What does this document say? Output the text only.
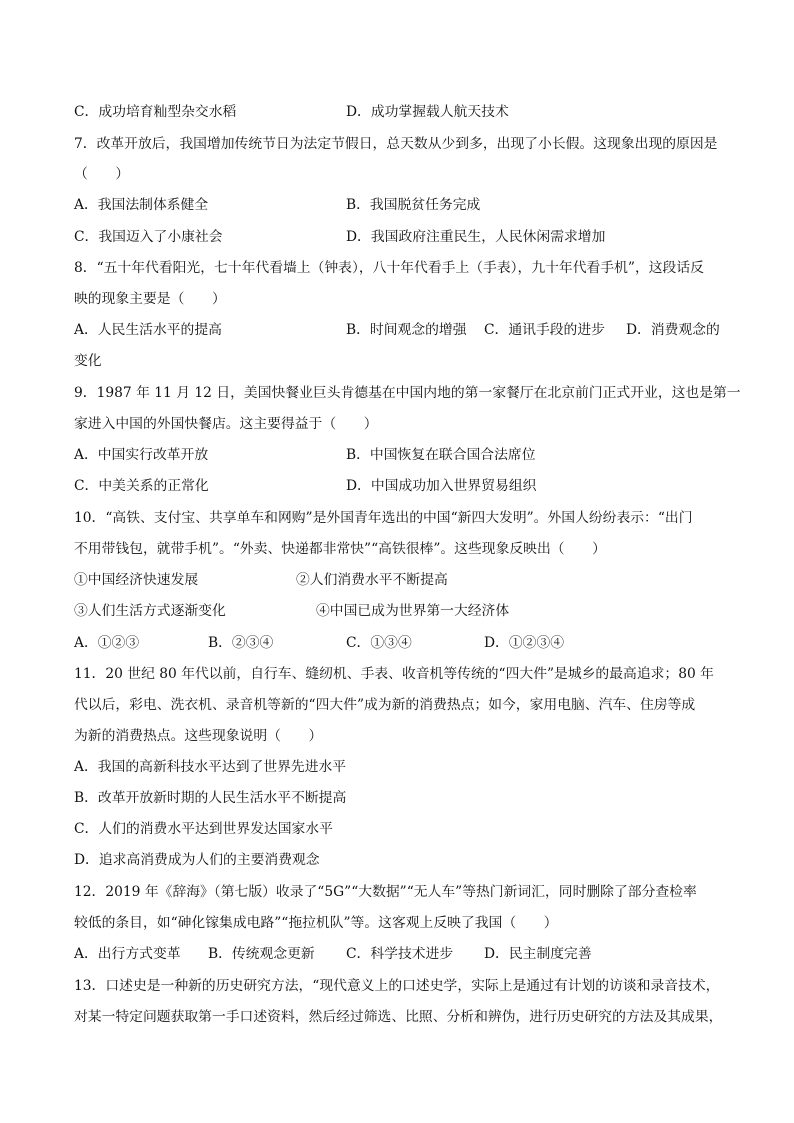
C．成功培育籼型杂交水稻	D．成功掌握载人航天技术
7．改革开放后，我国增加传统节日为法定节假日，总天数从少到多，出现了小长假。这现象出现的原因是
（　　）
A．我国法制体系健全	B．我国脱贫任务完成
C．我国迈入了小康社会	D．我国政府注重民生，人民休闲需求增加
8．“五十年代看阳光，七十年代看墙上（钟表），八十年代看手上（手表），九十年代看手机”，这段话反
映的现象主要是（　　）
A．人民生活水平的提高	B．时间观念的增强 C．通讯手段的进步 D．消费观念的
变化
9．1987 年 11 月 12 日，美国快餐业巨头肯德基在中国内地的第一家餐厅在北京前门正式开业，这也是第一
家进入中国的外国快餐店。这主要得益于（　　）
A．中国实行改革开放	B．中国恢复在联合国合法席位
C．中美关系的正常化	D．中国成功加入世界贸易组织
10．“高铁、支付宝、共享单车和网购”是外国青年选出的中国“新四大发明”。外国人纷纷表示：“出门
不用带钱包，就带手机”。“外卖、快递都非常快”“高铁很棒”。这些现象反映出（　　）
①中国经济快速发展	②人们消费水平不断提高
③人们生活方式逐渐变化	④中国已成为世界第一大经济体
A．①②③	B．②③④	C．①③④	D．①②③④
11．20 世纪 80 年代以前，自行车、缝纫机、手表、收音机等传统的“四大件”是城乡的最高追求；80 年
代以后，彩电、洗衣机、录音机等新的“四大件”成为新的消费热点；如今，家用电脑、汽车、住房等成
为新的消费热点。这些现象说明（　　）
A．我国的高新科技水平达到了世界先进水平
B．改革开放新时期的人民生活水平不断提高
C．人们的消费水平达到世界发达国家水平
D．追求高消费成为人们的主要消费观念
12．2019 年《辞海》（第七版）收录了“5G”“大数据”“无人车”等热门新词汇，同时删除了部分查检率
较低的条目，如“砷化镓集成电路”“拖拉机队”等。这客观上反映了我国（　　）
A．出行方式变革 B．传统观念更新 C．科学技术进步 D．民主制度完善
13．口述史是一种新的历史研究方法，“现代意义上的口述史学，实际上是通过有计划的访谈和录音技术，
对某一特定问题获取第一手口述资料，然后经过筛选、比照、分析和辨伪，进行历史研究的方法及其成果，
